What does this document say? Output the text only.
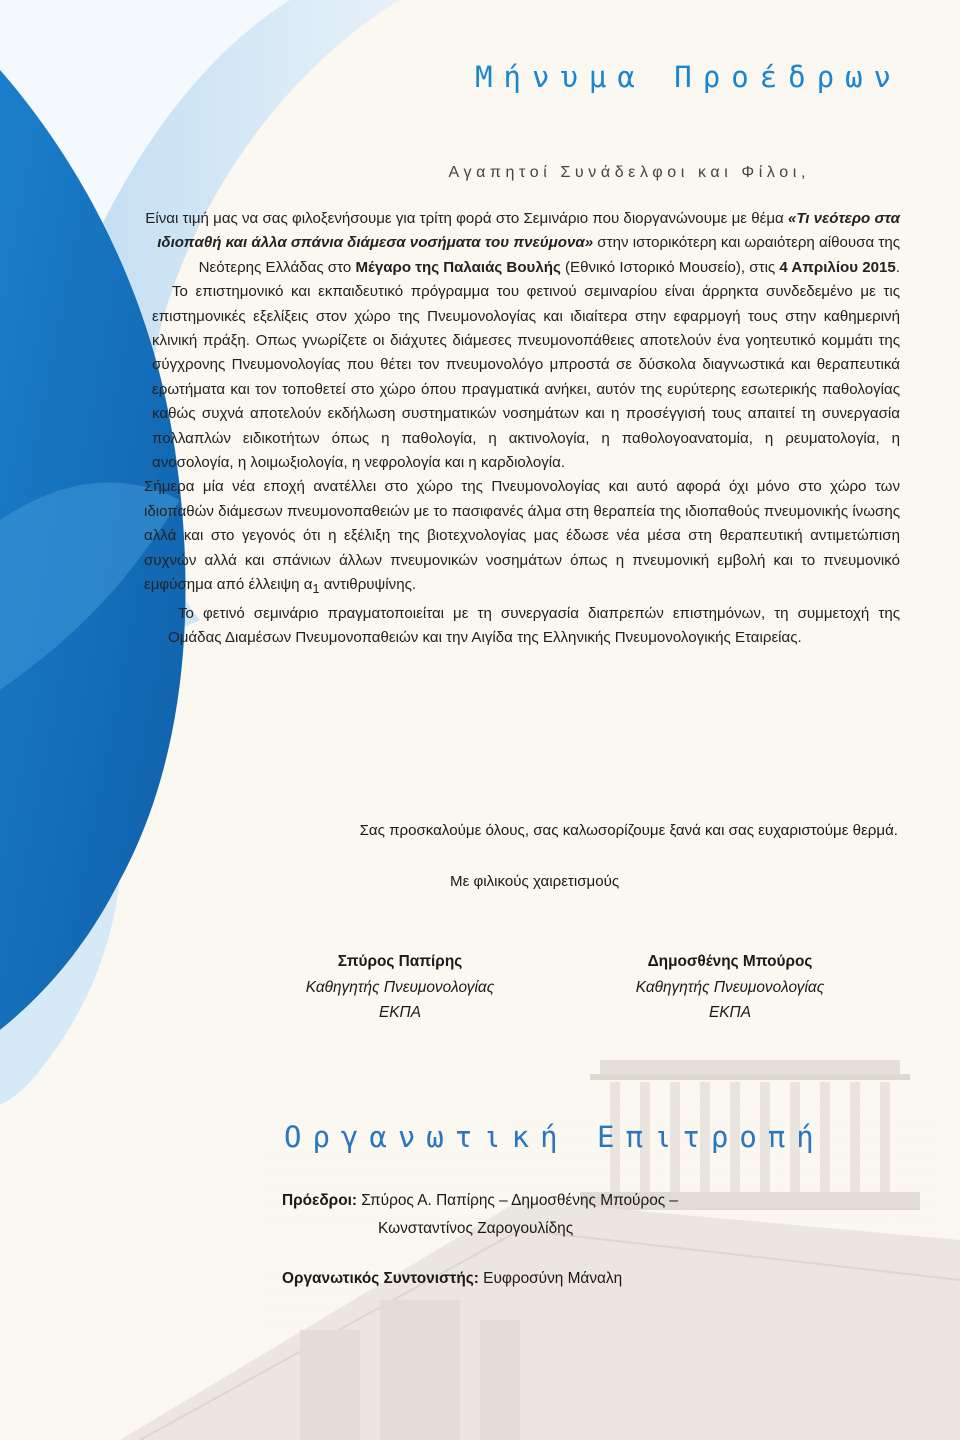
Μήνυμα Προέδρων
Αγαπητοί Συνάδελφοι και Φίλοι,

Είναι τιμή μας να σας φιλοξενήσουμε για τρίτη φορά στο Σεμινάριο που διοργανώνουμε με θέμα «Τι νεότερο στα ιδιοπαθή και άλλα σπάνια διάμεσα νοσήματα του πνεύμονα» στην ιστορικότερη και ωραιότερη αίθουσα της Νεότερης Ελλάδας στο Μέγαρο της Παλαιάς Βουλής (Εθνικό Ιστορικό Μουσείο), στις 4 Απριλίου 2015.

Το επιστημονικό και εκπαιδευτικό πρόγραμμα του φετινού σεμιναρίου είναι άρρηκτα συνδεδεμένο με τις επιστημονικές εξελίξεις στον χώρο της Πνευμονολογίας και ιδιαίτερα στην εφαρμογή τους στην καθημερινή κλινική πράξη. Οπως γνωρίζετε οι διάχυτες διάμεσες πνευμονοπάθειες αποτελούν ένα γοητευτικό κομμάτι της σύγχρονης Πνευμονολογίας που θέτει τον πνευμονολόγο μπροστά σε δύσκολα διαγνωστικά και θεραπευτικά ερωτήματα και τον τοποθετεί στο χώρο όπου πραγματικά ανήκει, αυτόν της ευρύτερης εσωτερικής παθολογίας καθώς συχνά αποτελούν εκδήλωση συστηματικών νοσημάτων και η προσέγγισή τους απαιτεί τη συνεργασία πολλαπλών ειδικοτήτων όπως η παθολογία, η ακτινολογία, η παθολογοανατομία, η ρευματολογία, η ανοσολογία, η λοιμωξιολογία, η νεφρολογία και η καρδιολογία.

Σήμερα μία νέα εποχή ανατέλλει στο χώρο της Πνευμονολογίας και αυτό αφορά όχι μόνο στο χώρο των ιδιοπαθών διάμεσων πνευμονοπαθειών με το πασιφανές άλμα στη θεραπεία της ιδιοπαθούς πνευμονικής ίνωσης αλλά και στο γεγονός ότι η εξέλιξη της βιοτεχνολογίας μας έδωσε νέα μέσα στη θεραπευτική αντιμετώπιση συχνών αλλά και σπάνιων άλλων πνευμονικών νοσημάτων όπως η πνευμονική εμβολή και το πνευμονικό εμφύσημα από έλλειψη $\alpha_1$ αντιθρυψίνης.

Το φετινό σεμινάριο πραγματοποιείται με τη συνεργασία διαπρεπών επιστημόνων, τη συμμετοχή της Ομάδας Διαμέσων Πνευμονοπαθειών και την Αιγίδα της Ελληνικής Πνευμονολογικής Εταιρείας.

Σας προσκαλούμε όλους, σας καλωσορίζουμε ξανά και σας ευχαριστούμε θερμά.
Με φιλικούς χαιρετισμούς
Σπύρος Παπίρης
Καθηγητής Πνευμονολογίας
ΕΚΠΑ
Δημοσθένης Μπούρος
Καθηγητής Πνευμονολογίας
ΕΚΠΑ
Οργανωτική Επιτροπή
Πρόεδροι: Σπύρος Α. Παπίρης – Δημοσθένης Μπούρος –
Κωνσταντίνος Ζαρογουλίδης
Οργανωτικός Συντονιστής: Ευφροσύνη Μάναλη
